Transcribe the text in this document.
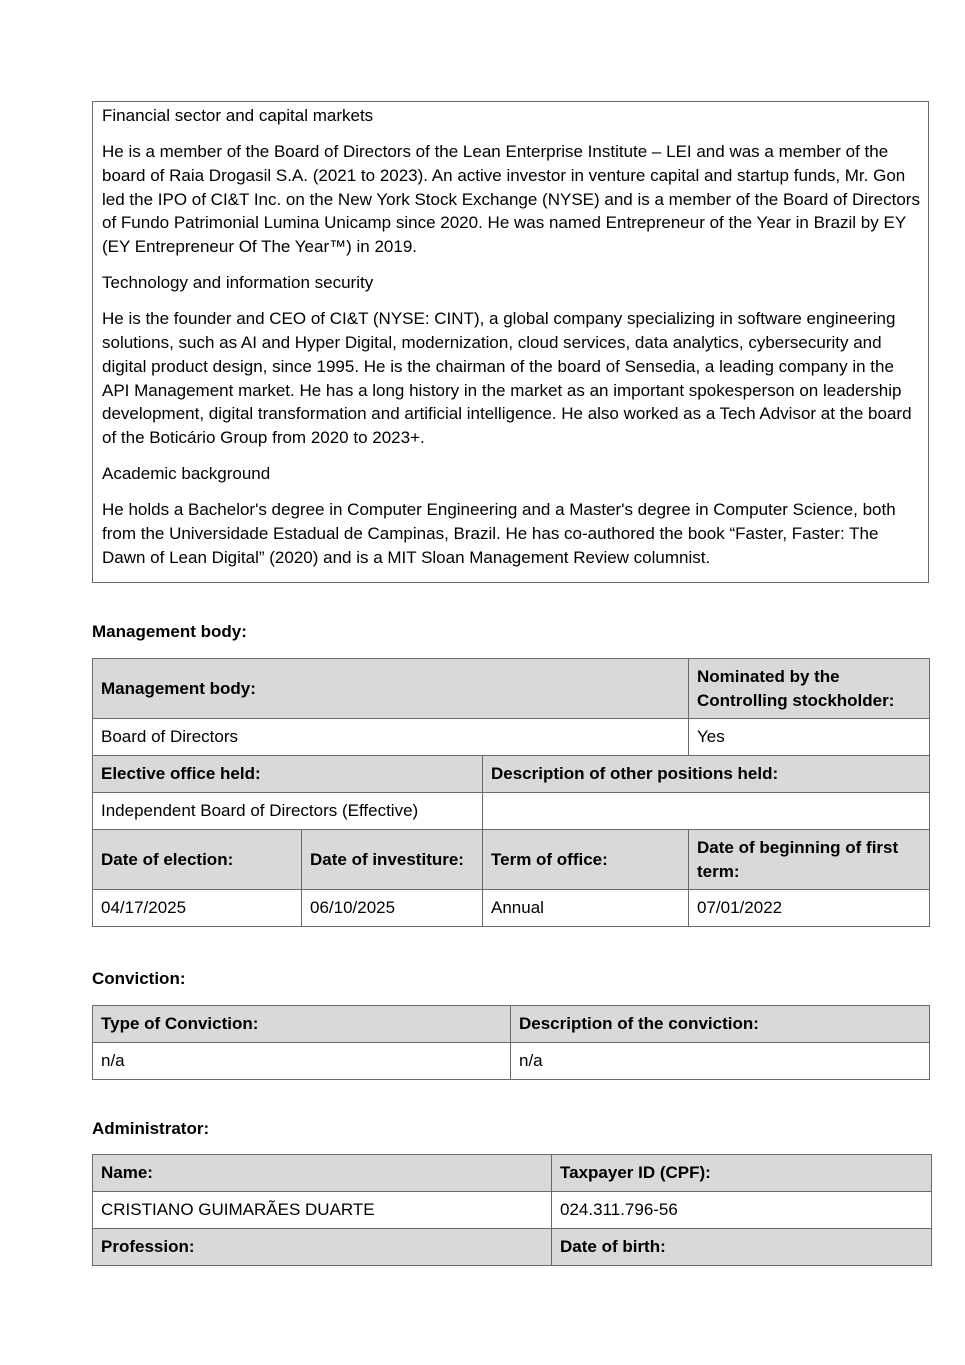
Financial sector and capital markets

He is a member of the Board of Directors of the Lean Enterprise Institute – LEI and was a member of the board of Raia Drogasil S.A. (2021 to 2023). An active investor in venture capital and startup funds, Mr. Gon led the IPO of CI&T Inc. on the New York Stock Exchange (NYSE) and is a member of the Board of Directors of Fundo Patrimonial Lumina Unicamp since 2020. He was named Entrepreneur of the Year in Brazil by EY (EY Entrepreneur Of The Year™) in 2019.

Technology and information security

He is the founder and CEO of CI&T (NYSE: CINT), a global company specializing in software engineering solutions, such as AI and Hyper Digital, modernization, cloud services, data analytics, cybersecurity and digital product design, since 1995. He is the chairman of the board of Sensedia, a leading company in the API Management market. He has a long history in the market as an important spokesperson on leadership development, digital transformation and artificial intelligence. He also worked as a Tech Advisor at the board of the Boticário Group from 2020 to 2023+.

Academic background

He holds a Bachelor's degree in Computer Engineering and a Master's degree in Computer Science, both from the Universidade Estadual de Campinas, Brazil. He has co-authored the book “Faster, Faster: The Dawn of Lean Digital” (2020) and is a MIT Sloan Management Review columnist.

Management body:
Management body:			Nominated by the Controlling stockholder:
Board of Directors			Yes
Elective office held:		Description of other positions held:	
Independent Board of Directors (Effective)			
Date of election:	Date of investiture:	Term of office:	Date of beginning of first term:
04/17/2025	06/10/2025	Annual	07/01/2022
Conviction:
Type of Conviction:	Description of the conviction:
n/a	n/a
Administrator:
Name:	Taxpayer ID (CPF):
CRISTIANO GUIMARÃES DUARTE	024.311.796-56
Profession:	Date of birth:
